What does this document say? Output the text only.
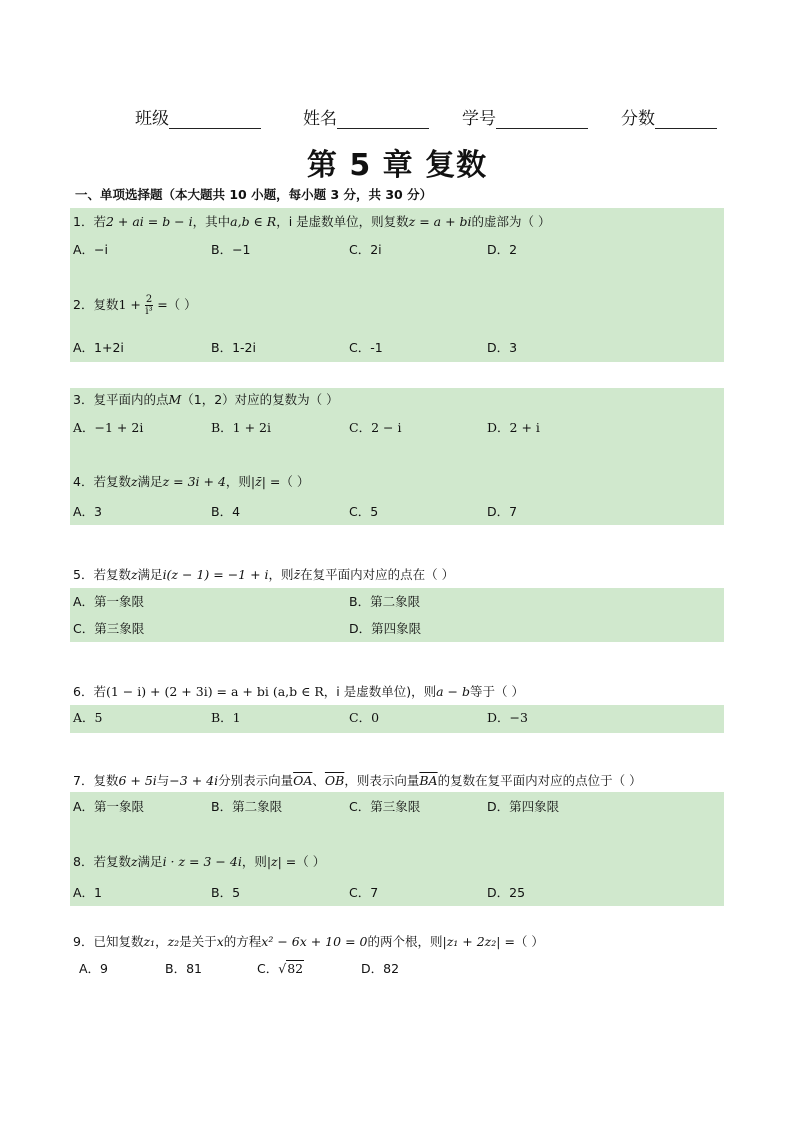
班级	姓名	学号	分数
第 5 章 复数
一、单项选择题（本大题共 10 小题，每小题 3 分，共 30 分）
1．若2 + ai = b − i，其中a,b ∈ R，i 是虚数单位，则复数z = a + bi的虚部为（ ）
A．−i	B．−1	C．2i	D．2
2．复数$1 + \frac{2}{\text{i³}}$ =（ ）
A．1+2i	B．1-2i	C．-1	D．3
3．复平面内的点M（1，2）对应的复数为（ ）
A．−1 + 2i	B．1 + 2i	C．2 − i	D．2 + i
4．若复数z满足z = 3i + 4，则|z̄| =（ ）
A．3	B．4	C．5	D．7
5．若复数z满足i(z − 1) = −1 + i，则z̄在复平面内对应的点在（ ）
A．第一象限	B．第二象限
C．第三象限	D．第四象限
6．若(1 − i) + (2 + 3i) = a + bi (a,b ∈ R，i 是虚数单位)，则a − b等于（ ）
A．5	B．1	C．0	D．−3
7．复数6 + 5i与−3 + 4i分别表示向量$\overline{OA}$、$\overline{OB}$，则表示向量$\overline{BA}$的复数在复平面内对应的点位于（ ）
A．第一象限	B．第二象限	C．第三象限	D．第四象限
8．若复数z满足i · z = 3 − 4i，则|z| =（ ）
A．1	B．5	C．7	D．25
9．已知复数z₁，z₂是关于x的方程x² − 6x + 10 = 0的两个根，则|z₁ + 2z₂| =（ ）
A．9	B．81	C．√82	D．82
